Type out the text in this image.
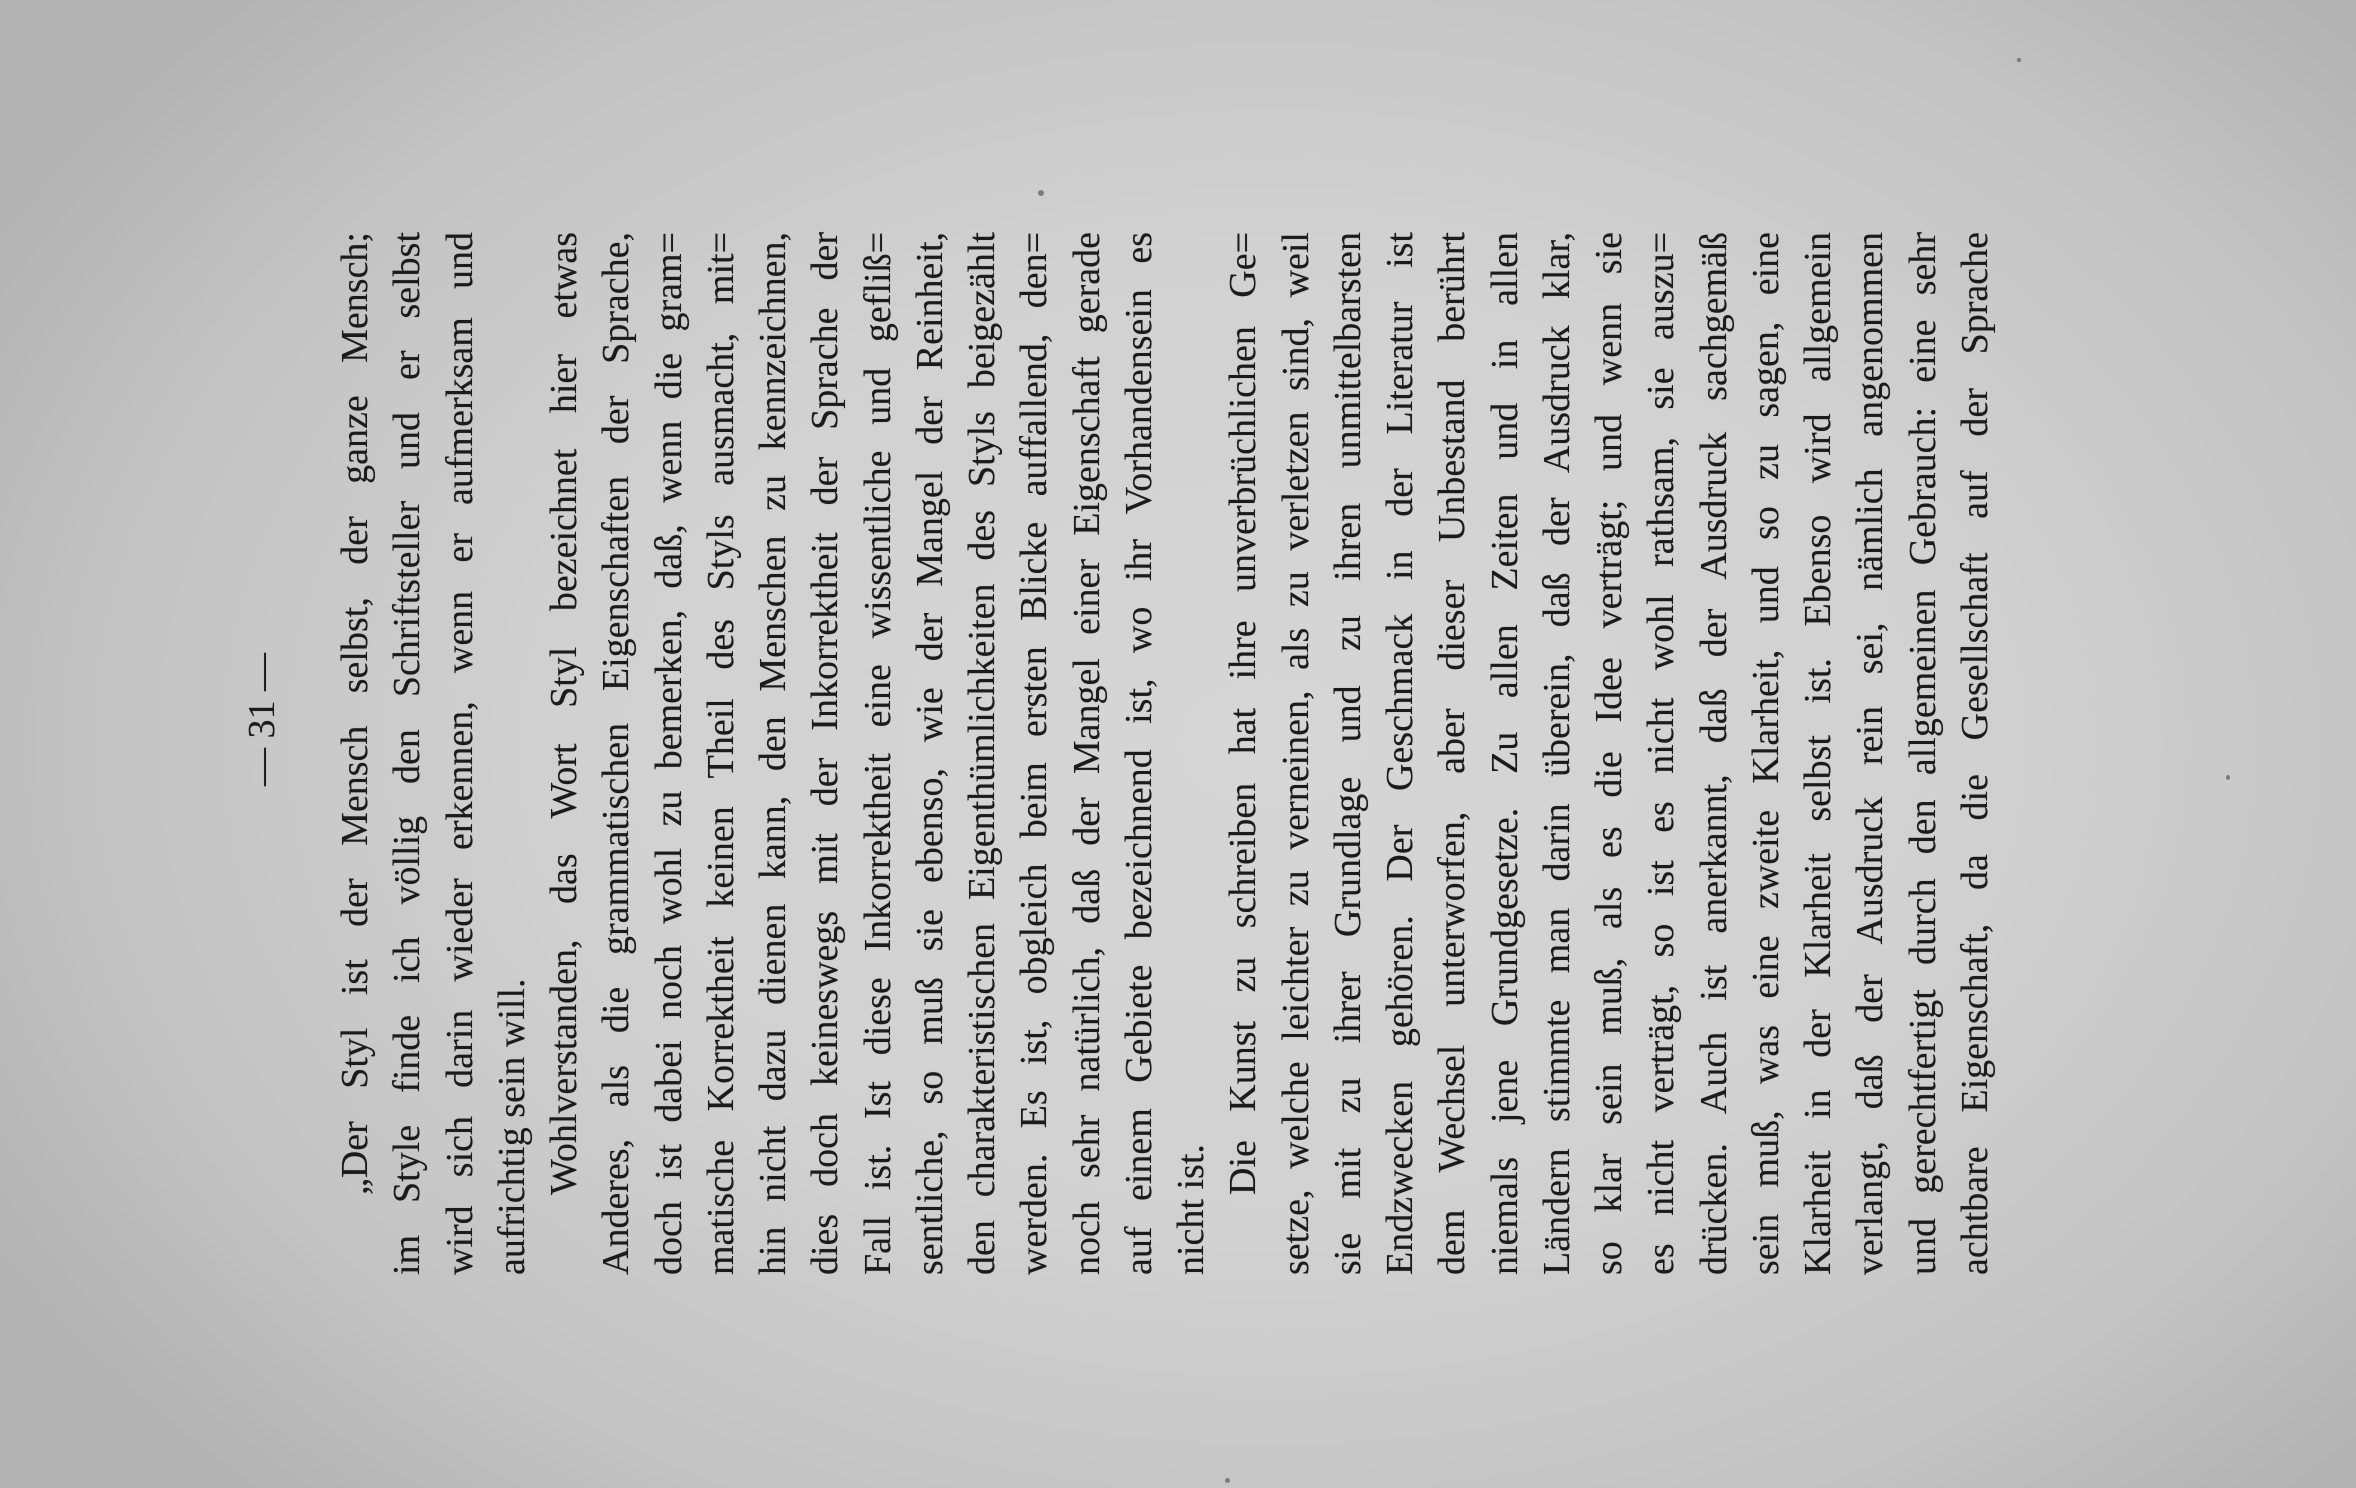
— 31 — „Der Styl ist der Mensch selbst, der ganze Mensch; im Style finde ich völlig den Schriftsteller und er selbst wird sich darin wieder erkennen, wenn er aufmerksam und aufrichtig sein will. Wohlverstanden, das Wort Styl bezeichnet hier etwas Anderes, als die grammatischen Eigenschaften der Sprache, doch ist dabei noch wohl zu bemerken, daß, wenn die gram= matische Korrektheit keinen Theil des Styls ausmacht, mit= hin nicht dazu dienen kann, den Menschen zu kennzeichnen, dies doch keineswegs mit der Inkorrektheit der Sprache der Fall ist. Ist diese Inkorrektheit eine wissentliche und gefliß= sentliche, so muß sie ebenso, wie der Mangel der Reinheit, den charakteristischen Eigenthümlichkeiten des Styls beigezählt werden. Es ist, obgleich beim ersten Blicke auffallend, den= noch sehr natürlich, daß der Mangel einer Eigenschaft gerade auf einem Gebiete bezeichnend ist, wo ihr Vorhandensein es nicht ist.
Die Kunst zu schreiben hat ihre unverbrüchlichen Ge= setze, welche leichter zu verneinen, als zu verletzen sind, weil sie mit zu ihrer Grundlage und zu ihren unmittelbarsten Endzwecken gehören. Der Geschmack in der Literatur ist dem Wechsel unterworfen, aber dieser Unbestand berührt niemals jene Grundgesetze. Zu allen Zeiten und in allen Ländern stimmte man darin überein, daß der Ausdruck klar, so klar sein muß, als es die Idee verträgt; und wenn sie es nicht verträgt, so ist es nicht wohl rathsam, sie auszu= drücken. Auch ist anerkannt, daß der Ausdruck sachgemäß sein muß, was eine zweite Klarheit, und so zu sagen, eine Klarheit in der Klarheit selbst ist. Ebenso wird allgemein verlangt, daß der Ausdruck rein sei, nämlich angenommen und gerechtfertigt durch den allgemeinen Gebrauch: eine sehr achtbare Eigenschaft, da die Gesellschaft auf der Sprache
